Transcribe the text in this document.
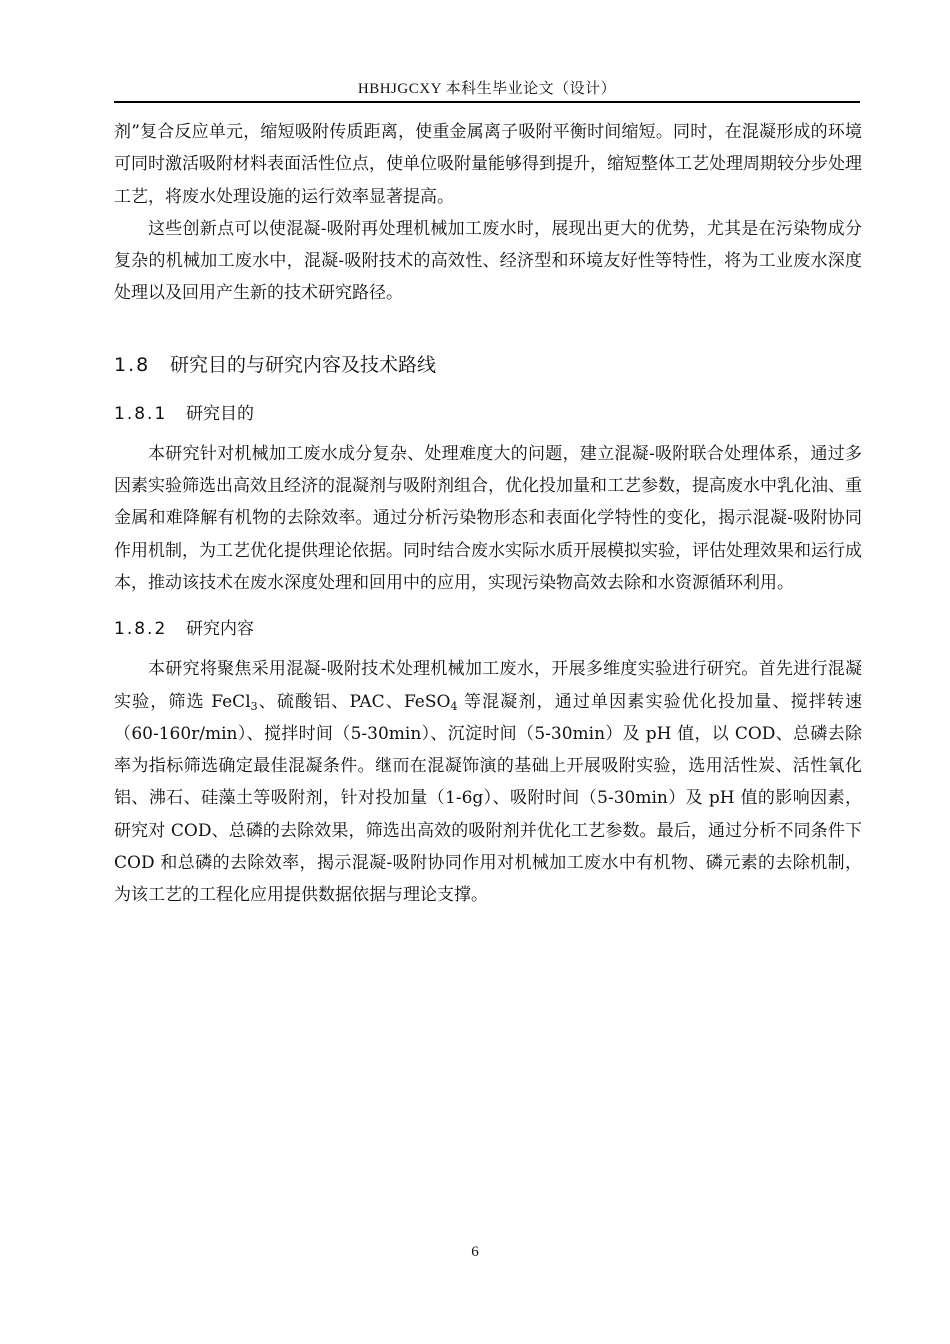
HBHJGCXY 本科生毕业论文（设计）

剂”复合反应单元，缩短吸附传质距离，使重金属离子吸附平衡时间缩短。同时，在混凝形成的环境可同时激活吸附材料表面活性位点，使单位吸附量能够得到提升，缩短整体工艺处理周期较分步处理工艺，将废水处理设施的运行效率显著提高。

这些创新点可以使混凝-吸附再处理机械加工废水时，展现出更大的优势，尤其是在污染物成分复杂的机械加工废水中，混凝-吸附技术的高效性、经济型和环境友好性等特性，将为工业废水深度处理以及回用产生新的技术研究路径。

1.8 研究目的与研究内容及技术路线
1.8.1 研究目的

本研究针对机械加工废水成分复杂、处理难度大的问题，建立混凝-吸附联合处理体系，通过多因素实验筛选出高效且经济的混凝剂与吸附剂组合，优化投加量和工艺参数，提高废水中乳化油、重金属和难降解有机物的去除效率。通过分析污染物形态和表面化学特性的变化，揭示混凝-吸附协同作用机制，为工艺优化提供理论依据。同时结合废水实际水质开展模拟实验，评估处理效果和运行成本，推动该技术在废水深度处理和回用中的应用，实现污染物高效去除和水资源循环利用。

1.8.2 研究内容

本研究将聚焦采用混凝-吸附技术处理机械加工废水，开展多维度实验进行研究。首先进行混凝实验，筛选 FeCl$_3$、硫酸铝、PAC、FeSO$_4$ 等混凝剂，通过单因素实验优化投加量、搅拌转速（60-160r/min）、搅拌时间（5-30min）、沉淀时间（5-30min）及 pH 值，以 COD、总磷去除率为指标筛选确定最佳混凝条件。继而在混凝饰演的基础上开展吸附实验，选用活性炭、活性氧化铝、沸石、硅藻土等吸附剂，针对投加量（1-6g）、吸附时间（5-30min）及 pH 值的影响因素，研究对 COD、总磷的去除效果，筛选出高效的吸附剂并优化工艺参数。最后，通过分析不同条件下 COD 和总磷的去除效率，揭示混凝-吸附协同作用对机械加工废水中有机物、磷元素的去除机制，为该工艺的工程化应用提供数据依据与理论支撑。

6
